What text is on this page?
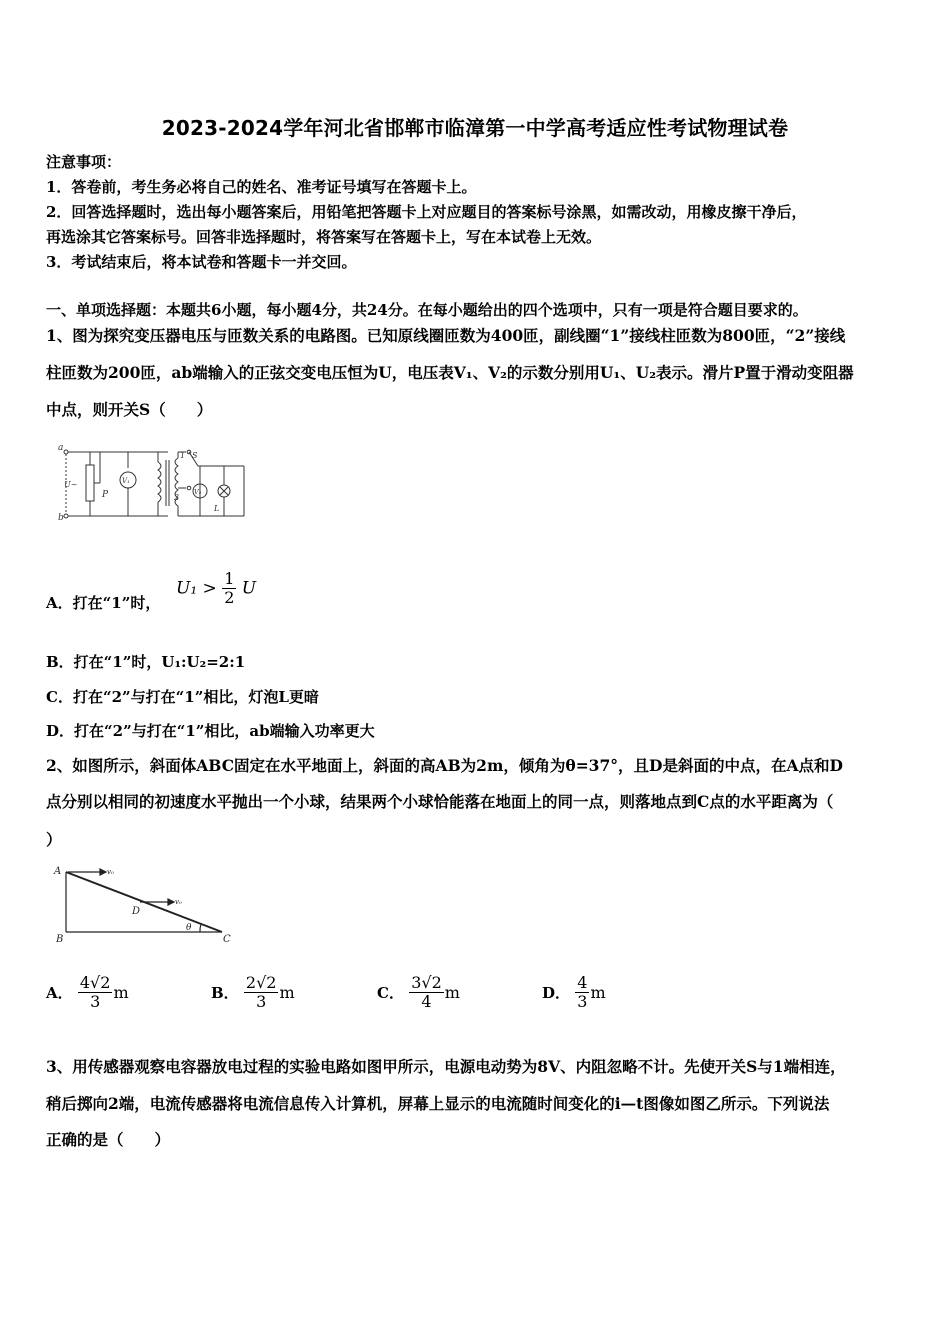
2023-2024学年河北省邯郸市临漳第一中学高考适应性考试物理试卷
注意事项：
1．答卷前，考生务必将自己的姓名、准考证号填写在答题卡上。
2．回答选择题时，选出每小题答案后，用铅笔把答题卡上对应题目的答案标号涂黑，如需改动，用橡皮擦干净后，
再选涂其它答案标号。回答非选择题时，将答案写在答题卡上，写在本试卷上无效。
3．考试结束后，将本试卷和答题卡一并交回。
一、单项选择题：本题共6小题，每小题4分，共24分。在每小题给出的四个选项中，只有一项是符合题目要求的。
1、图为探究变压器电压与匝数关系的电路图。已知原线圈匝数为400匝，副线圈“1”接线柱匝数为800匝，“2”接线
柱匝数为200匝，ab端输入的正弦交变电压恒为U，电压表V₁、V₂的示数分别用U₁、U₂表示。滑片P置于滑动变阻器
中点，则开关S（　　）
a
U~
b
P
V₁
1 S
2
V₂
L
A．打在“1”时，
$U_1 > \frac{1}{2}$ U
B．打在“1”时，U₁:U₂=2:1
C．打在“2”与打在“1”相比，灯泡L更暗
D．打在“2”与打在“1”相比，ab端输入功率更大
2、如图所示，斜面体ABC固定在水平地面上，斜面的高AB为2m，倾角为θ=37°，且D是斜面的中点，在A点和D
点分别以相同的初速度水平抛出一个小球，结果两个小球恰能落在地面上的同一点，则落地点到C点的水平距离为（
）
A	v₀
D
v₀
B
θ
C
A． $\frac{4√2}{3}$ m	B． $\frac{2√2}{3}$ m	C． $\frac{3√2}{4}$ m	D． $\frac{4}{3}$ m
3、用传感器观察电容器放电过程的实验电路如图甲所示，电源电动势为8V、内阻忽略不计。先使开关S与1端相连，
稍后掷向2端，电流传感器将电流信息传入计算机，屏幕上显示的电流随时间变化的i—t图像如图乙所示。下列说法
正确的是（　　）
